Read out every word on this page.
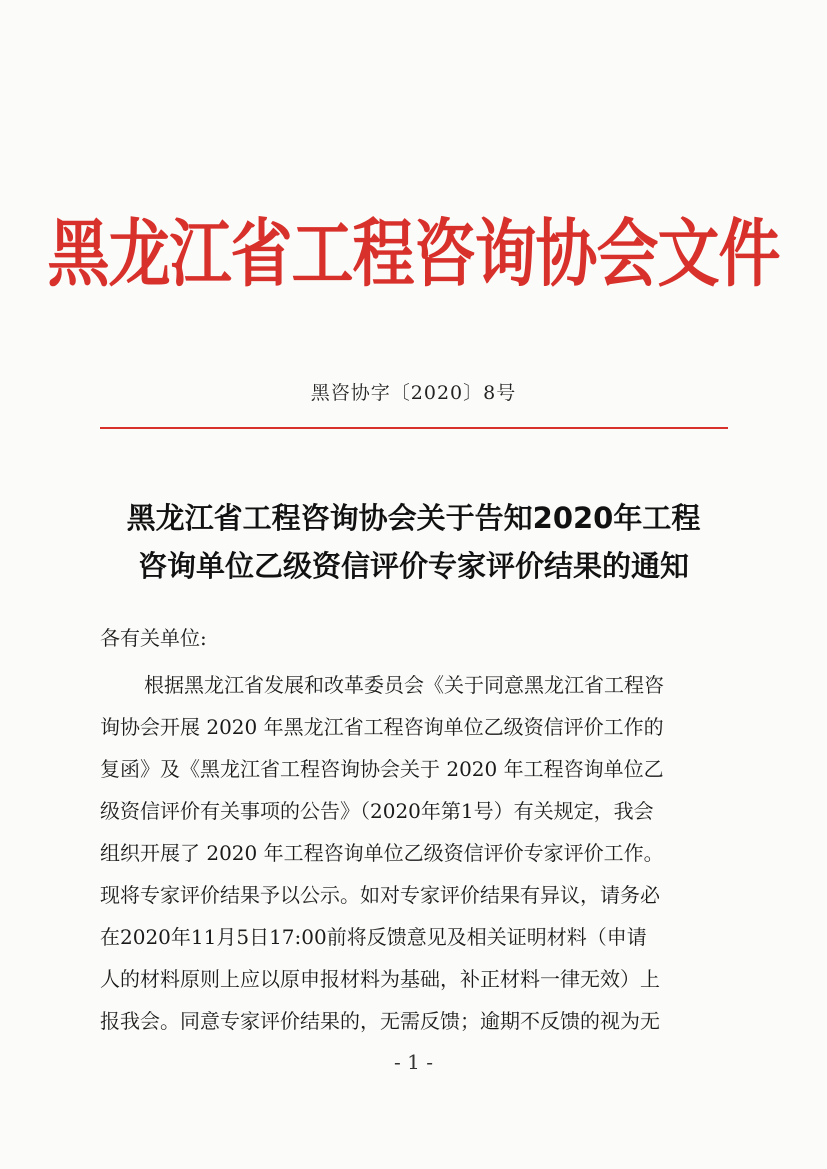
黑龙江省工程咨询协会文件
黑咨协字〔2020〕8号
黑龙江省工程咨询协会关于告知2020年工程
咨询单位乙级资信评价专家评价结果的通知
各有关单位:
根据黑龙江省发展和改革委员会《关于同意黑龙江省工程咨
询协会开展 2020 年黑龙江省工程咨询单位乙级资信评价工作的
复函》及《黑龙江省工程咨询协会关于 2020 年工程咨询单位乙
级资信评价有关事项的公告》（2020年第1号）有关规定，我会
组织开展了 2020 年工程咨询单位乙级资信评价专家评价工作。
现将专家评价结果予以公示。如对专家评价结果有异议，请务必
在2020年11月5日17:00前将反馈意见及相关证明材料（申请
人的材料原则上应以原申报材料为基础，补正材料一律无效）上
报我会。同意专家评价结果的，无需反馈；逾期不反馈的视为无
- 1 -
